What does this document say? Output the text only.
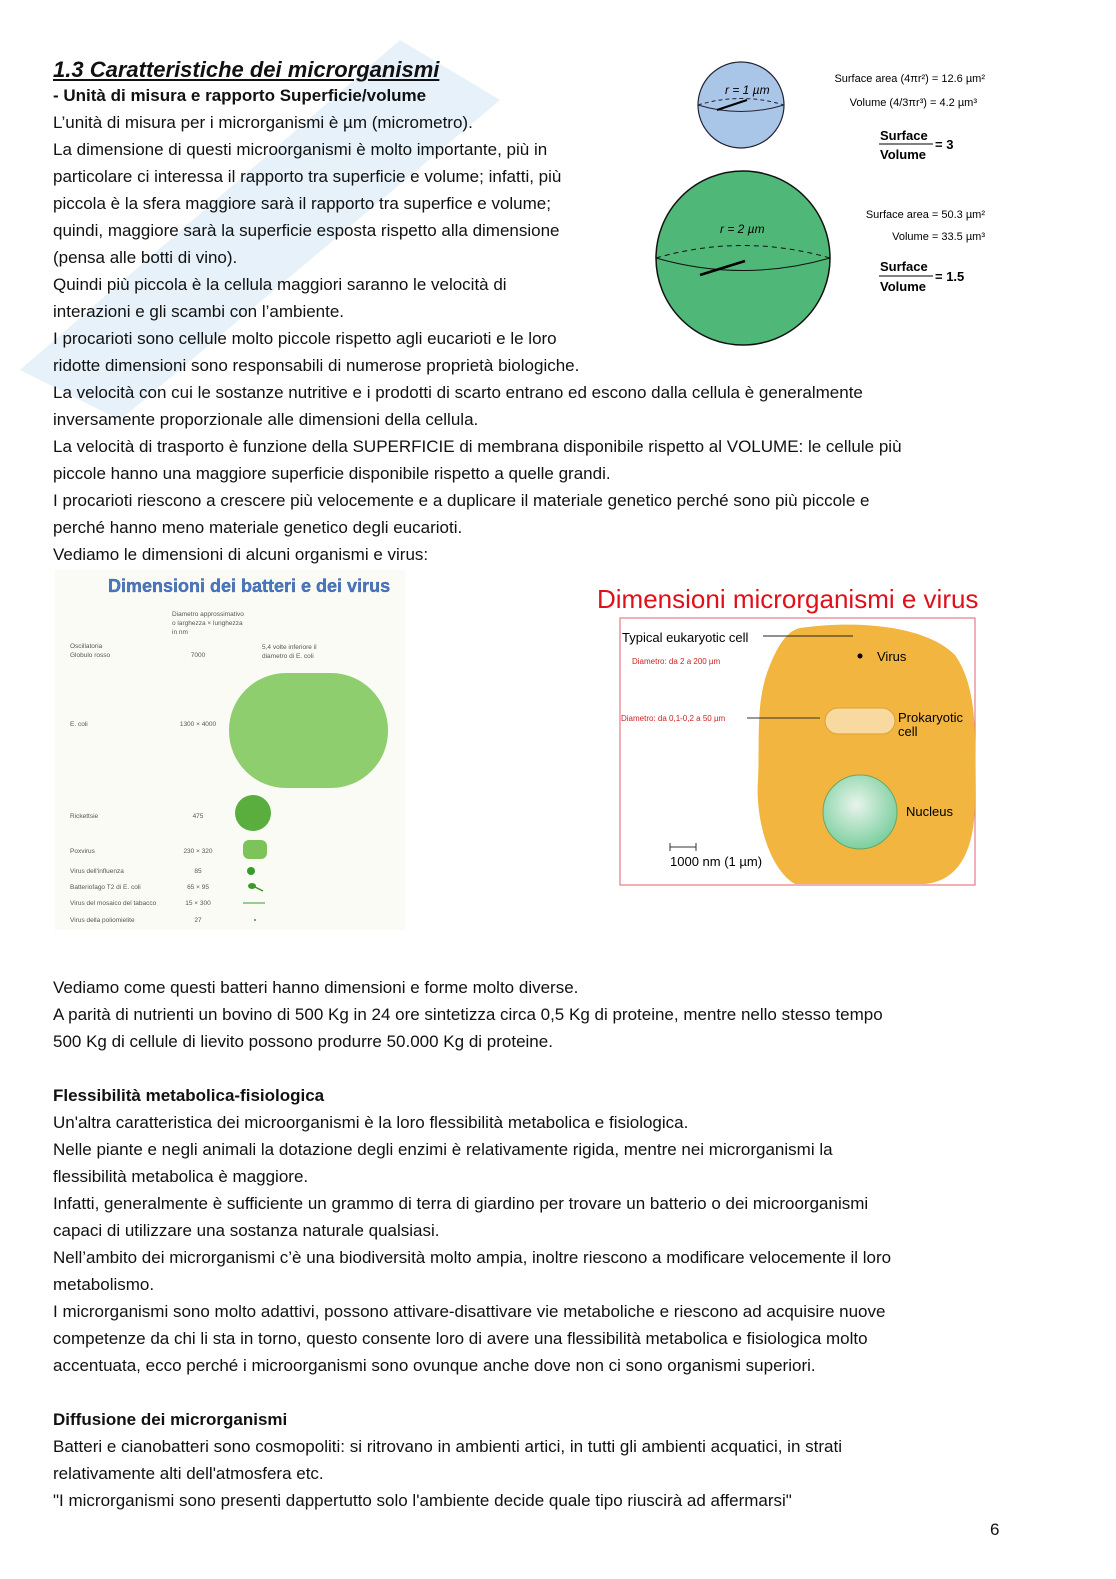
1.3 Caratteristiche dei microrganismi
- Unità di misura e rapporto Superficie/volume
L’unità di misura per i microrganismi è µm (micrometro).
La dimensione di questi microorganismi è molto importante, più in
particolare ci interessa il rapporto tra superficie e volume; infatti, più
piccola è la sfera maggiore sarà il rapporto tra superfice e volume;
quindi, maggiore sarà la superficie esposta rispetto alla dimensione
(pensa alle botti di vino).
Quindi più piccola è la cellula maggiori saranno le velocità di
interazioni e gli scambi con l’ambiente.
I procarioti sono cellule molto piccole rispetto agli eucarioti e le loro
ridotte dimensioni sono responsabili di numerose proprietà biologiche.
La velocità con cui le sostanze nutritive e i prodotti di scarto entrano ed escono dalla cellula è generalmente
inversamente proporzionale alle dimensioni della cellula.
La velocità di trasporto è funzione della SUPERFICIE di membrana disponibile rispetto al VOLUME: le cellule più
piccole hanno una maggiore superficie disponibile rispetto a quelle grandi.
I procarioti riescono a crescere più velocemente e a duplicare il materiale genetico perché sono più piccole e
perché hanno meno materiale genetico degli eucarioti.
Vediamo le dimensioni di alcuni organismi e virus:
r = 1 µm
r = 2 µm
Surface area (4πr²) = 12.6 µm²
Volume (4/3πr³) = 4.2 µm³
Surface
Volume
= 3
Surface area = 50.3 µm²
Volume = 33.5 µm³
Surface
Volume
= 1.5
Dimensioni dei batteri e dei virus
Diametro approssimativo
o larghezza × lunghezza
in nm
5,4 volte inferiore il
diametro di E. coli
Oscillatoria
Globulo rosso	7000
E. coli	1300 × 4000
Rickettsie	475
Poxvirus	230 × 320
Virus dell'influenza	85
Batteriofago T2 di E. coli	65 × 95
Virus del mosaico del tabacco	15 × 300
Virus della poliomielite	27
Dimensioni microrganismi e virus
Typical eukaryotic cell
Diametro: da 2 a 200 µm	Virus
Diametro: da 0,1-0,2 a 50 µm	Prokaryotic
cell
Nucleus
1000 nm (1 µm)
Vediamo come questi batteri hanno dimensioni e forme molto diverse.
A parità di nutrienti un bovino di 500 Kg in 24 ore sintetizza circa 0,5 Kg di proteine, mentre nello stesso tempo
500 Kg di cellule di lievito possono produrre 50.000 Kg di proteine.
Flessibilità metabolica-fisiologica
Un'altra caratteristica dei microorganismi è la loro flessibilità metabolica e fisiologica.
Nelle piante e negli animali la dotazione degli enzimi è relativamente rigida, mentre nei microrganismi la
flessibilità metabolica è maggiore.
Infatti, generalmente è sufficiente un grammo di terra di giardino per trovare un batterio o dei microorganismi
capaci di utilizzare una sostanza naturale qualsiasi.
Nell’ambito dei microrganismi c’è una biodiversità molto ampia, inoltre riescono a modificare velocemente il loro
metabolismo.
I microrganismi sono molto adattivi, possono attivare-disattivare vie metaboliche e riescono ad acquisire nuove
competenze da chi li sta in torno, questo consente loro di avere una flessibilità metabolica e fisiologica molto
accentuata, ecco perché i microorganismi sono ovunque anche dove non ci sono organismi superiori.
Diffusione dei microrganismi
Batteri e cianobatteri sono cosmopoliti: si ritrovano in ambienti artici, in tutti gli ambienti acquatici, in strati
relativamente alti dell'atmosfera etc.
"I microrganismi sono presenti dappertutto solo l'ambiente decide quale tipo riuscirà ad affermarsi"
6
